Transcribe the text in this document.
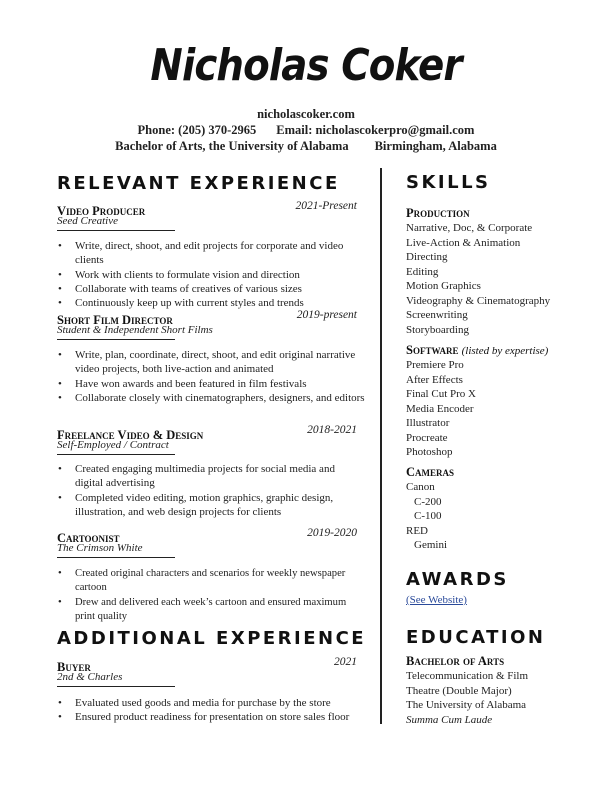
Nicholas Coker
nicholascoker.com
Phone: (205) 370-2965 Email: nicholascokerpro@gmail.com
Bachelor of Arts, the University of Alabama Birmingham, Alabama
RELEVANT EXPERIENCE
Video Producer	2021-Present
Seed Creative
• Write, direct, shoot, and edit projects for corporate and video clients
• Work with clients to formulate vision and direction
• Collaborate with teams of creatives of various sizes
• Continuously keep up with current styles and trends
Short Film Director	2019-present
Student & Independent Short Films
• Write, plan, coordinate, direct, shoot, and edit original narrative video projects, both live-action and animated
• Have won awards and been featured in film festivals
• Collaborate closely with cinematographers, designers, and editors
Freelance Video & Design	2018-2021
Self-Employed / Contract
• Created engaging multimedia projects for social media and digital advertising
• Completed video editing, motion graphics, graphic design, illustration, and web design projects for clients
Cartoonist	2019-2020
The Crimson White
• Created original characters and scenarios for weekly newspaper cartoon
• Drew and delivered each week’s cartoon and ensured maximum print quality
ADDITIONAL EXPERIENCE
Buyer	2021
2nd & Charles
• Evaluated used goods and media for purchase by the store
• Ensured product readiness for presentation on store sales floor
SKILLS
Production
Narrative, Doc, & Corporate
Live-Action & Animation
Directing
Editing
Motion Graphics
Videography & Cinematography
Screenwriting
Storyboarding
Software (listed by expertise)
Premiere Pro
After Effects
Final Cut Pro X
Media Encoder
Illustrator
Procreate
Photoshop
Cameras
Canon
C-200
C-100
RED
Gemini
AWARDS
(See Website)
EDUCATION
Bachelor of Arts
Telecommunication & Film
Theatre (Double Major)
The University of Alabama
Summa Cum Laude
